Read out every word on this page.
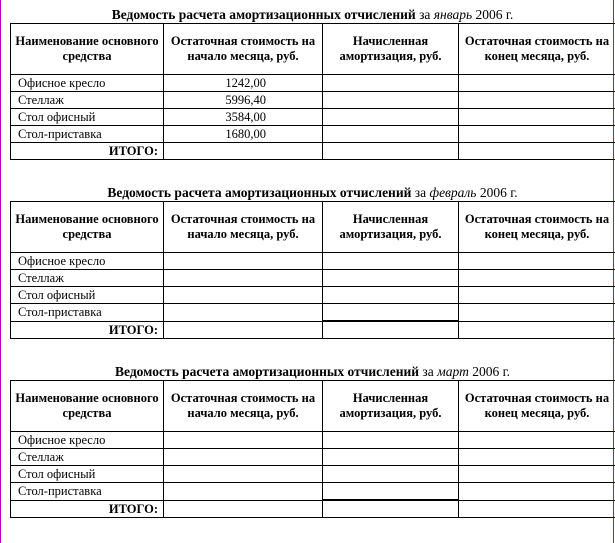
Ведомость расчета амортизационных отчислений за январь 2006 г.
Наименование основного средства	Остаточная стоимость на начало месяца, руб.	Начисленная амортизация, руб.	Остаточная стоимость на конец месяца, руб.
Офисное кресло	1242,00		
Стеллаж	5996,40		
Стол офисный	3584,00		
Стол-приставка	1680,00		
ИТОГО:			
Ведомость расчета амортизационных отчислений за февраль 2006 г.
Наименование основного средства	Остаточная стоимость на начало месяца, руб.	Начисленная амортизация, руб.	Остаточная стоимость на конец месяца, руб.
Офисное кресло			
Стеллаж			
Стол офисный			
Стол-приставка			
ИТОГО:			
Ведомость расчета амортизационных отчислений за март 2006 г.
Наименование основного средства	Остаточная стоимость на начало месяца, руб.	Начисленная амортизация, руб.	Остаточная стоимость на конец месяца, руб.
Офисное кресло			
Стеллаж			
Стол офисный			
Стол-приставка			
ИТОГО:			
